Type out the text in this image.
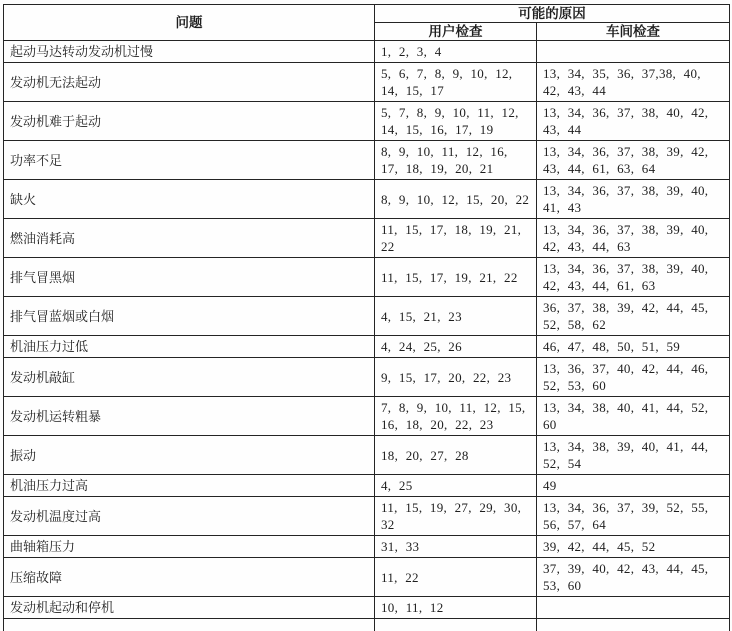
问题	可能的原因	
	用户检查	车间检查
起动马达转动发动机过慢	1, 2, 3, 4	
发动机无法起动	5, 6, 7, 8, 9, 10, 12, 14, 15, 17	13, 34, 35, 36, 37,38, 40, 42, 43, 44
发动机难于起动	5, 7, 8, 9, 10, 11, 12, 14, 15, 16, 17, 19	13, 34, 36, 37, 38, 40, 42, 43, 44
功率不足	8, 9, 10, 11, 12, 16, 17, 18, 19, 20, 21	13, 34, 36, 37, 38, 39, 42, 43, 44, 61, 63, 64
缺火	8, 9, 10, 12, 15, 20, 22	13, 34, 36, 37, 38, 39, 40, 41, 43
燃油消耗高	11, 15, 17, 18, 19, 21, 22	13, 34, 36, 37, 38, 39, 40, 42, 43, 44, 63
排气冒黑烟	11, 15, 17, 19, 21, 22	13, 34, 36, 37, 38, 39, 40, 42, 43, 44, 61, 63
排气冒蓝烟或白烟	4, 15, 21, 23	36, 37, 38, 39, 42, 44, 45, 52, 58, 62
机油压力过低	4, 24, 25, 26	46, 47, 48, 50, 51, 59
发动机敲缸	9, 15, 17, 20, 22, 23	13, 36, 37, 40, 42, 44, 46, 52, 53, 60
发动机运转粗暴	7, 8, 9, 10, 11, 12, 15, 16, 18, 20, 22, 23	13, 34, 38, 40, 41, 44, 52, 60
振动	18, 20, 27, 28	13, 34, 38, 39, 40, 41, 44, 52, 54
机油压力过高	4, 25	49
发动机温度过高	11, 15, 19, 27, 29, 30, 32	13, 34, 36, 37, 39, 52, 55, 56, 57, 64
曲轴箱压力	31, 33	39, 42, 44, 45, 52
压缩故障	11, 22	37, 39, 40, 42, 43, 44, 45, 53, 60
发动机起动和停机	10, 11, 12	
